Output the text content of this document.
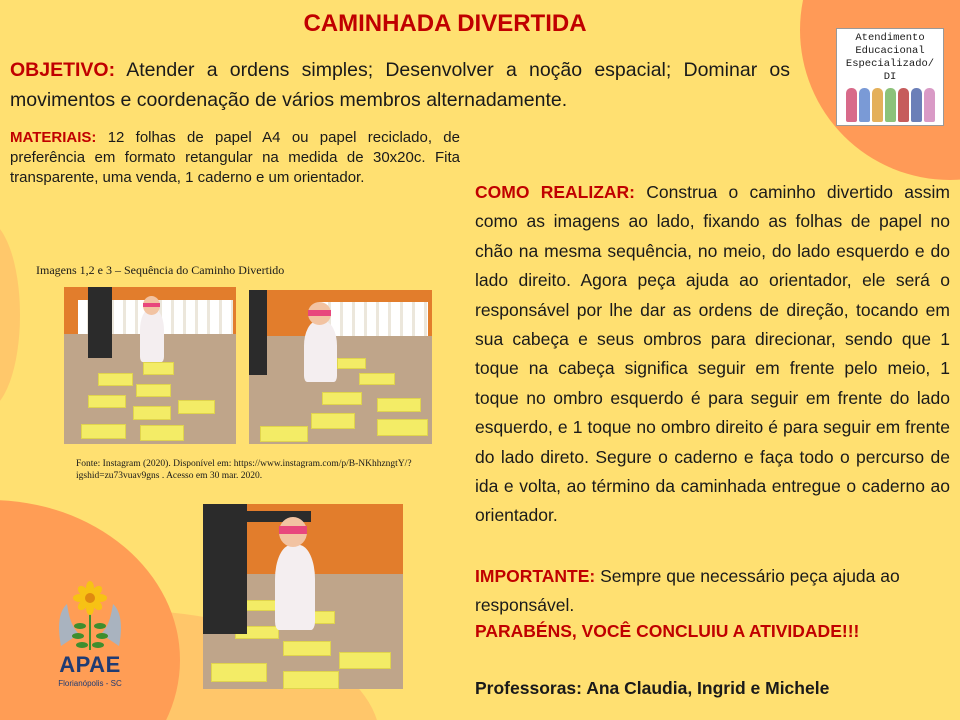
CAMINHADA DIVERTIDA

OBJETIVO: Atender a ordens simples; Desenvolver a noção espacial; Dominar os movimentos e coordenação de vários membros alternadamente.

MATERIAIS: 12 folhas de papel A4 ou papel reciclado, de preferência em formato retangular na medida de 30x20c. Fita transparente, uma venda, 1 caderno e um orientador.

Imagens 1,2 e 3 – Sequência do Caminho Divertido
Fonte: Instagram (2020). Disponível em: https://www.instagram.com/p/B-NKhhzngtY/?igshid=zu73vuav9gns . Acesso em 30 mar. 2020.

COMO REALIZAR: Construa o caminho divertido assim como as imagens ao lado, fixando as folhas de papel no chão na mesma sequência, no meio, do lado esquerdo e do lado direito. Agora peça ajuda ao orientador, ele será o responsável por lhe dar as ordens de direção, tocando em sua cabeça e seus ombros para direcionar, sendo que 1 toque na cabeça significa seguir em frente pelo meio, 1 toque no ombro esquerdo é para seguir em frente do lado esquerdo, e 1 toque no ombro direito é para seguir em frente do lado direto. Segure o caderno e faça todo o percurso de ida e volta, ao término da caminhada entregue o caderno ao orientador.

IMPORTANTE: Sempre que necessário peça ajuda ao responsável.

PARABÉNS, VOCÊ CONCLUIU A ATIVIDADE!!!

Professoras: Ana Claudia, Ingrid e Michele

Atendimento
Educacional
Especializado/ DI
APAE
Florianópolis - SC
